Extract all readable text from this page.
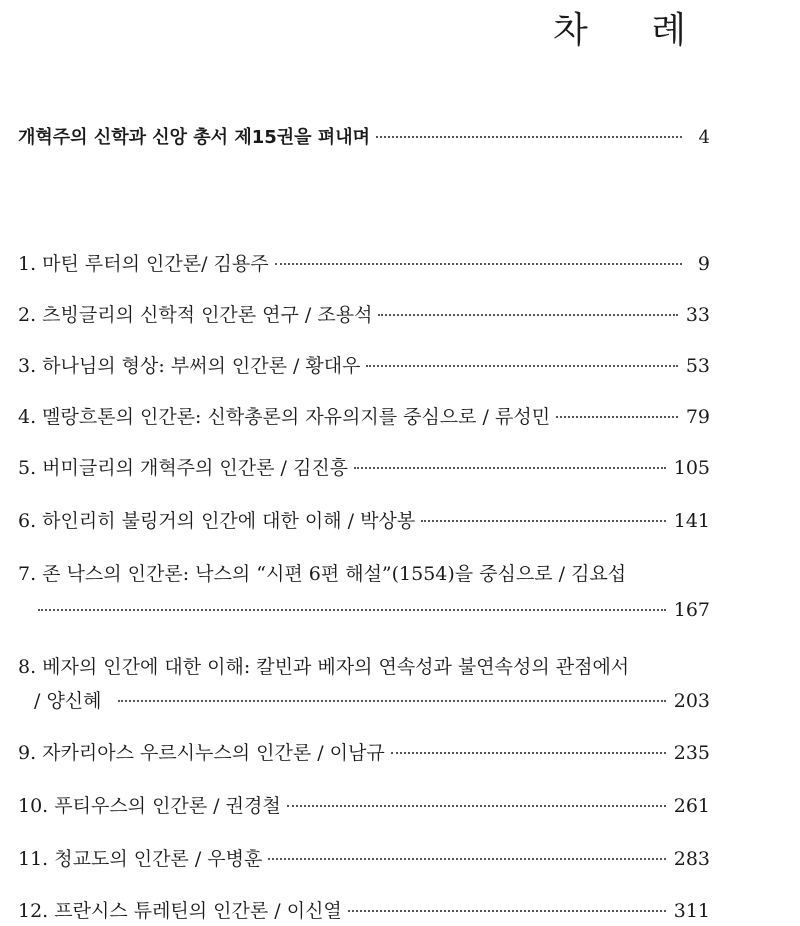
차 례
개혁주의 신학과 신앙 총서 제15권을 펴내며	4
1. 마틴 루터의 인간론/ 김용주	9
2. 츠빙글리의 신학적 인간론 연구 / 조용석	33
3. 하나님의 형상: 부써의 인간론 / 황대우	53
4. 멜랑흐톤의 인간론: 신학총론의 자유의지를 중심으로 / 류성민	79
5. 버미글리의 개혁주의 인간론 / 김진흥	105
6. 하인리히 불링거의 인간에 대한 이해 / 박상봉	141
7. 존 낙스의 인간론: 낙스의 “시편 6편 해설”(1554)을 중심으로 / 김요섭
167
8. 베자의 인간에 대한 이해: 칼빈과 베자의 연속성과 불연속성의 관점에서
/ 양신혜	203
9. 자카리아스 우르시누스의 인간론 / 이남규	235
10. 푸티우스의 인간론 / 권경철	261
11. 청교도의 인간론 / 우병훈	283
12. 프란시스 튜레틴의 인간론 / 이신열	311
